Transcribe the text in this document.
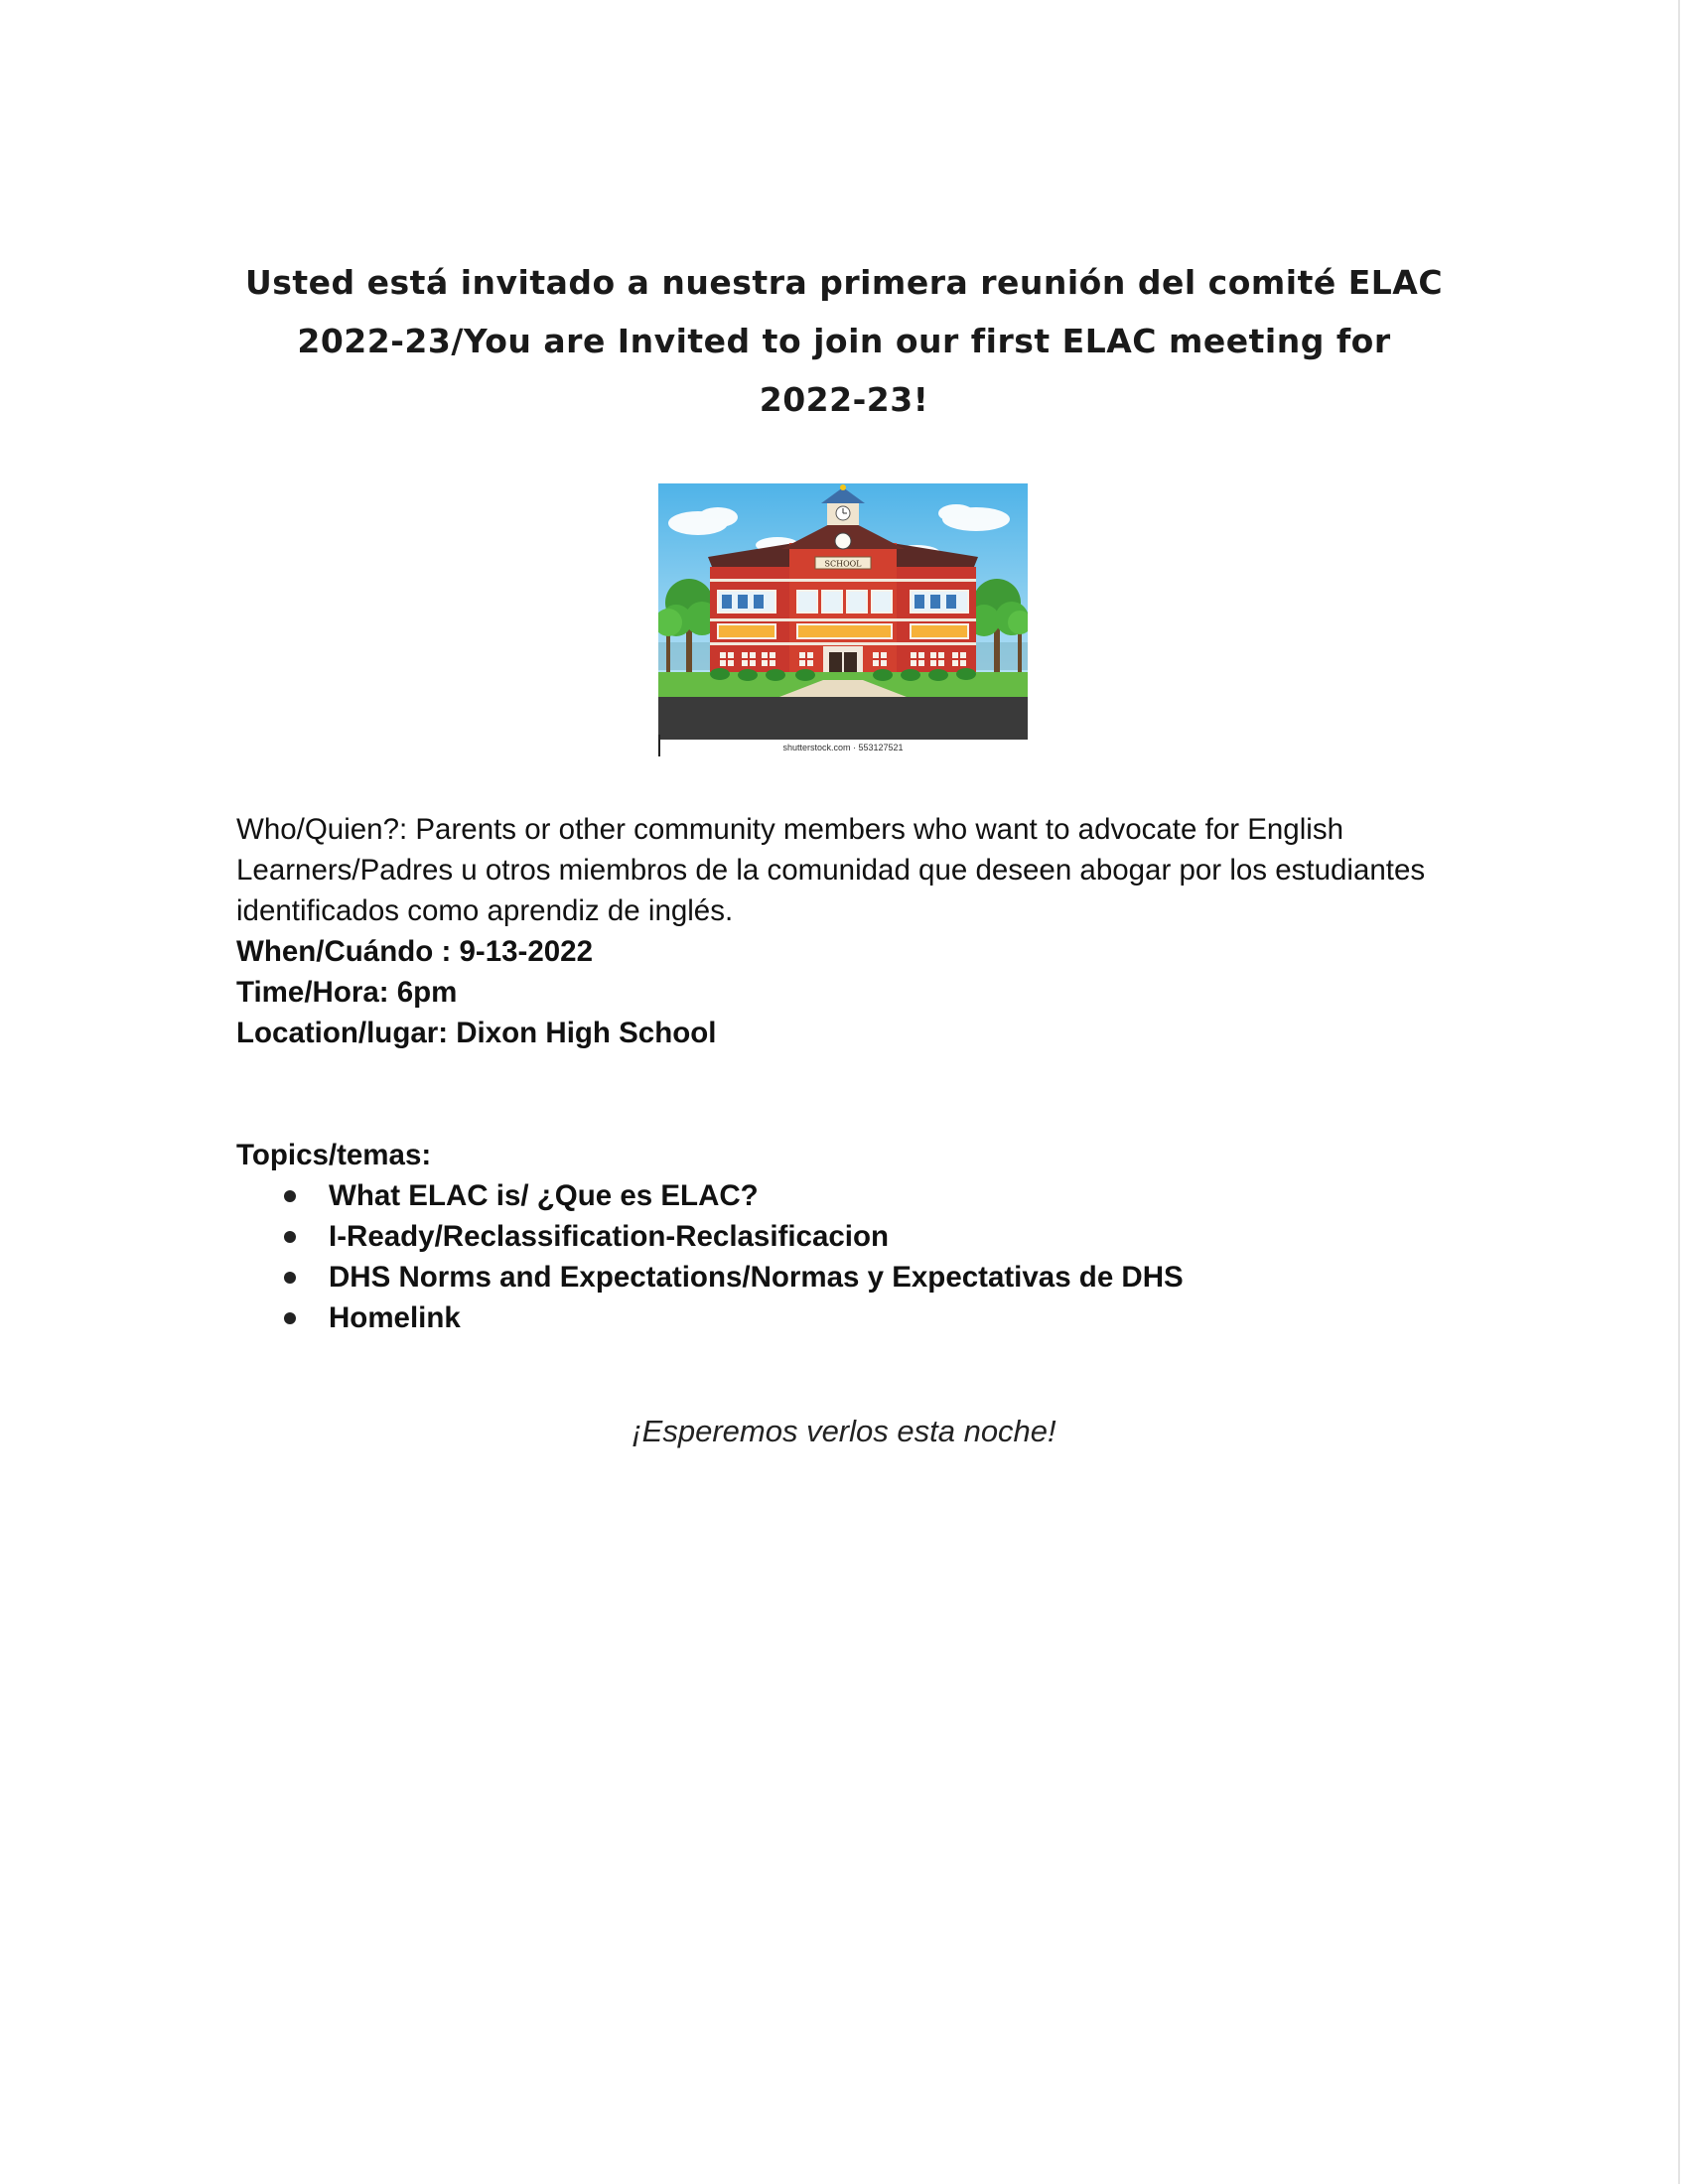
Usted está invitado a nuestra primera reunión del comité ELAC
2022-23/You are Invited to join our first ELAC meeting for
2022-23!
SCHOOL
shutterstock.com · 553127521

Who/Quien?: Parents or other community members who want to advocate for English Learners/Padres u otros miembros de la comunidad que deseen abogar por los estudiantes identificados como aprendiz de inglés.

When/Cuándo : 9-13-2022

Time/Hora: 6pm

Location/lugar: Dixon High School

Topics/temas:
What ELAC is/ ¿Que es ELAC?
I-Ready/Reclassification-Reclasificacion
DHS Norms and Expectations/Normas y Expectativas de DHS
Homelink
¡Esperemos verlos esta noche!
